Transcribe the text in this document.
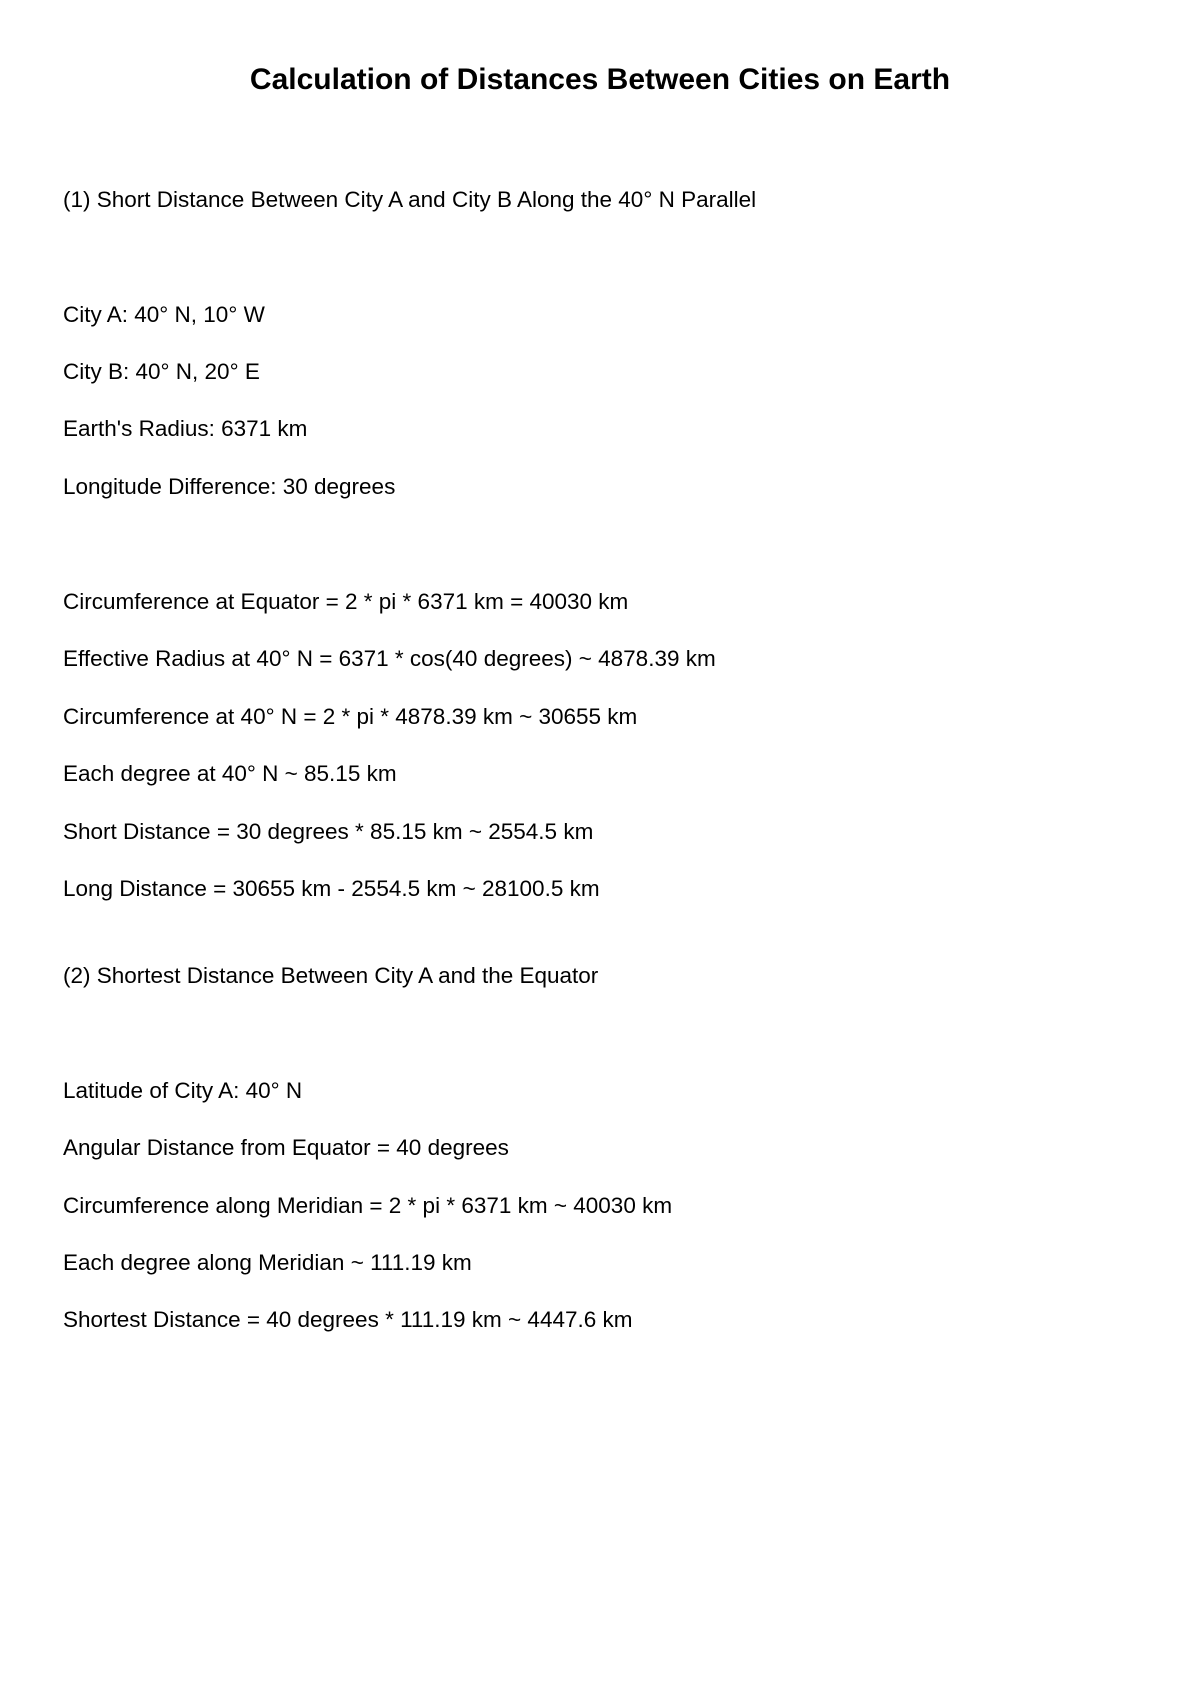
Calculation of Distances Between Cities on Earth

(1) Short Distance Between City A and City B Along the 40° N Parallel

City A: 40° N, 10° W

City B: 40° N, 20° E

Earth's Radius: 6371 km

Longitude Difference: 30 degrees

Circumference at Equator = 2 * pi * 6371 km = 40030 km

Effective Radius at 40° N = 6371 * cos(40 degrees) ~ 4878.39 km

Circumference at 40° N = 2 * pi * 4878.39 km ~ 30655 km

Each degree at 40° N ~ 85.15 km

Short Distance = 30 degrees * 85.15 km ~ 2554.5 km

Long Distance = 30655 km - 2554.5 km ~ 28100.5 km

(2) Shortest Distance Between City A and the Equator

Latitude of City A: 40° N

Angular Distance from Equator = 40 degrees

Circumference along Meridian = 2 * pi * 6371 km ~ 40030 km

Each degree along Meridian ~ 111.19 km

Shortest Distance = 40 degrees * 111.19 km ~ 4447.6 km
